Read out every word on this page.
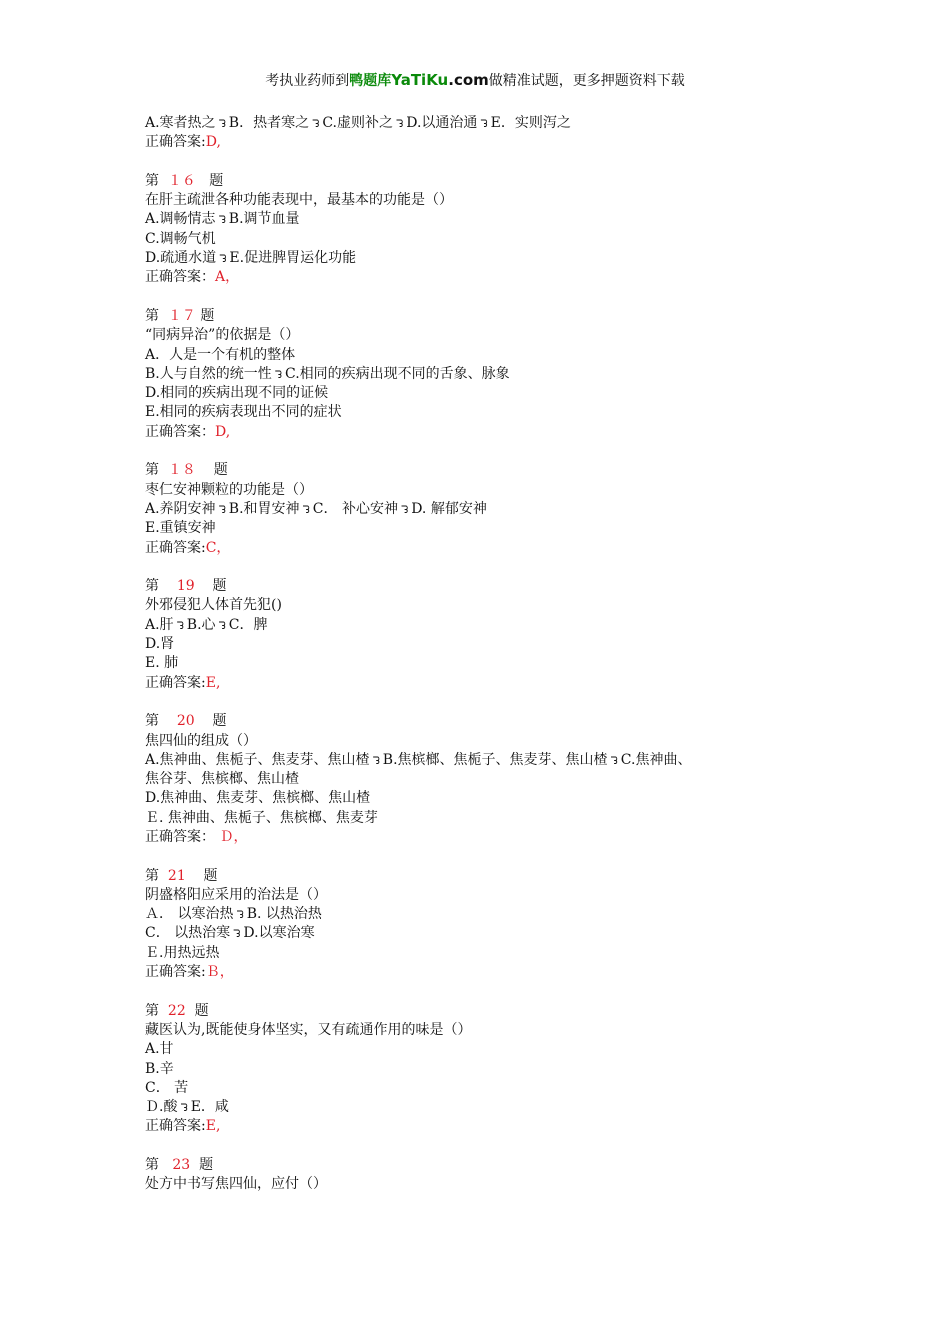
考执业药师到鸭题库YaTiKu.com做精准试题，更多押题资料下载
A.寒者热之 ᘊ B．热者寒之 ᘊ C.虚则补之 ᘊ D.以通治通 ᘊ E．实则泻之
正确答案:D,
第 １６ 题
在肝主疏泄各种功能表现中，最基本的功能是（）
A.调畅情志 ᘊ B.调节血量
C.调畅气机
D.疏通水道 ᘊ E.促进脾胃运化功能
正确答案：A，
第 １７ 题
“同病异治”的依据是（）
A．人是一个有机的整体
B.人与自然的统一性 ᘊ C.相同的疾病出现不同的舌象、脉象
D.相同的疾病出现不同的证候
E.相同的疾病表现出不同的症状
正确答案：D,
第 １８ 题
枣仁安神颗粒的功能是（）
A.养阴安神 ᘊ B.和胃安神 ᘊ C． 补心安神 ᘊ D. 解郁安神
E.重镇安神
正确答案:C，
第 19 题
外邪侵犯人体首先犯()
A.肝 ᘊ B.心 ᘊ C．脾
D.肾
E. 肺
正确答案:E,
第 20 题
焦四仙的组成（）
A.焦神曲、焦栀子、焦麦芽、焦山楂 ᘊ B.焦槟榔、焦栀子、焦麦芽、焦山楂 ᘊ C.焦神曲、
焦谷芽、焦槟榔、焦山楂
D.焦神曲、焦麦芽、焦槟榔、焦山楂
Ｅ. 焦神曲、焦栀子、焦槟榔、焦麦芽
正确答案： Ｄ，
第 21 题
阴盛格阳应采用的治法是（）
Ａ． 以寒治热 ᘊ B. 以热治热
C． 以热治寒 ᘊ D.以寒治寒
Ｅ.用热远热
正确答案:Ｂ，
第 22 题
藏医认为,既能使身体坚实，又有疏通作用的味是（）
A.甘
B.辛
C． 苦
Ｄ.酸 ᘊ E．咸
正确答案:E,
第 23 题
处方中书写焦四仙，应付（）
